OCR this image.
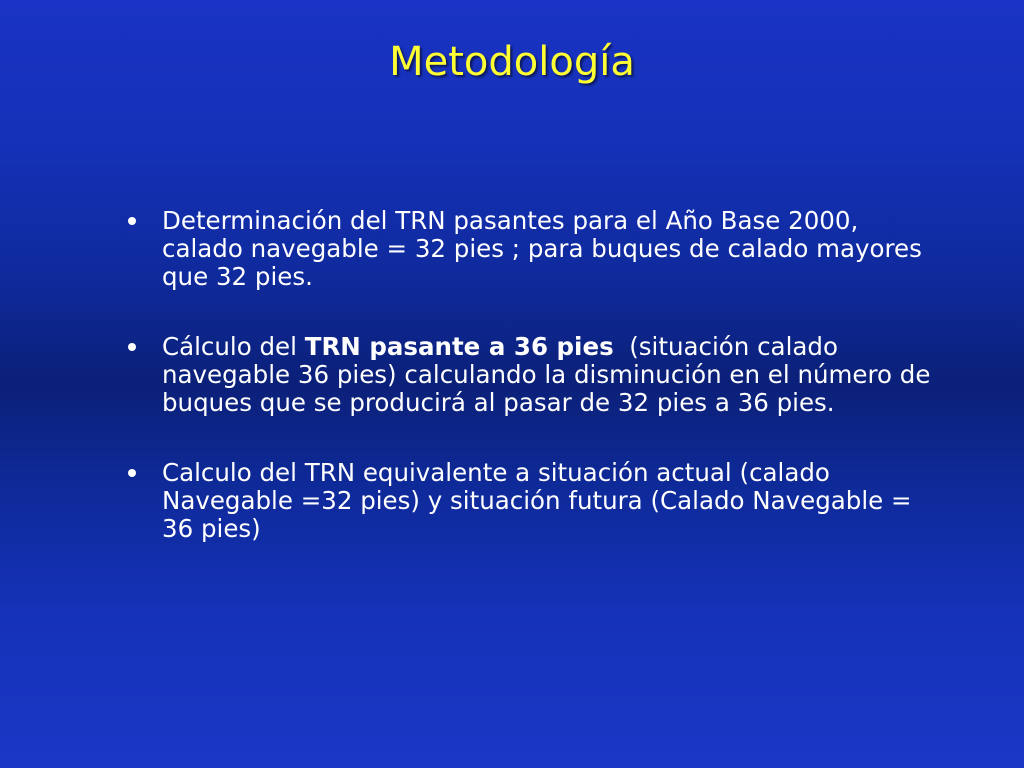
Metodología
Determinación del TRN pasantes para el Año Base 2000, calado navegable = 32 pies ; para buques de calado mayores que 32 pies.
Cálculo del TRN pasante a 36 pies  (situación calado navegable 36 pies) calculando la disminución en el número de buques que se producirá al pasar de 32 pies a 36 pies.
Calculo del TRN equivalente a situación actual (calado Navegable =32 pies) y situación futura (Calado Navegable = 36 pies)
